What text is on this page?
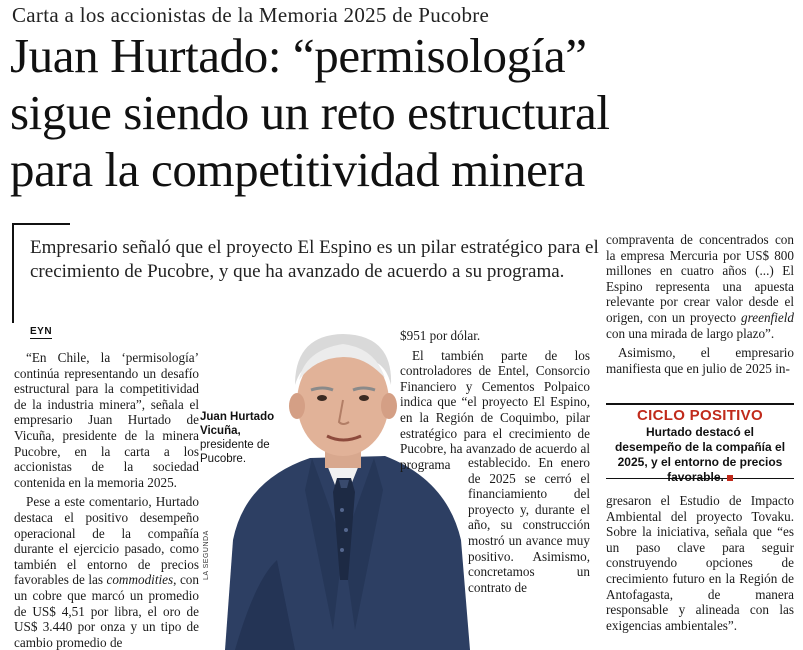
Carta a los accionistas de la Memoria 2025 de Pucobre
Juan Hurtado: “permisología”
sigue siendo un reto estructural
para la competitividad minera
Empresario señaló que el proyecto El Espino es un pilar estratégico para el crecimiento de Pucobre, y que ha avanzado de acuerdo a su programa.
EYN

“En Chile, la ‘permisología’ continúa representando un desafío estructural para la competitividad de la industria minera”, señala el empresario Juan Hurtado de Vicuña, presidente de la minera Pucobre, en la carta a los accionistas de la sociedad contenida en la memoria 2025.

Pese a este comentario, Hurtado destaca el positivo desempeño operacional de la compañía durante el ejercicio pasado, como también el entorno de precios favorables de las commodities, con un cobre que marcó un promedio de US$ 4,51 por libra, el oro de US$ 3.440 por onza y un tipo de cambio promedio de

Juan Hurtado Vicuña, presidente de Pucobre.
LA SEGUNDA

$951 por dólar.

El también parte de los controladores de Entel, Consorcio Financiero y Cementos Polpaico indica que “el proyecto El Espino, en la Región de Coquimbo, pilar estratégico para el crecimiento de Pucobre, ha avanzado de acuerdo al programa	establecido. En enero de 2025 se cerró el financiamiento del proyecto y, durante el año, su construcción mostró un avance muy positivo. Asimismo, concretamos un contrato de

compraventa de concentrados con la empresa Mercuria por US$ 800 millones en cuatro años (...) El Espino representa una apuesta relevante por crear valor desde el origen, con un proyecto greenfield con una mirada de largo plazo”.

Asimismo, el empresario manifiesta que en julio de 2025 in-

CICLO POSITIVO
Hurtado destacó el desempeño de la compañía el 2025, y el entorno de precios favorable.

gresaron el Estudio de Impacto Ambiental del proyecto Tovaku. Sobre la iniciativa, señala que “es un paso clave para seguir construyendo opciones de crecimiento futuro en la Región de Antofagasta, de manera responsable y alineada con las exigencias ambientales”.
